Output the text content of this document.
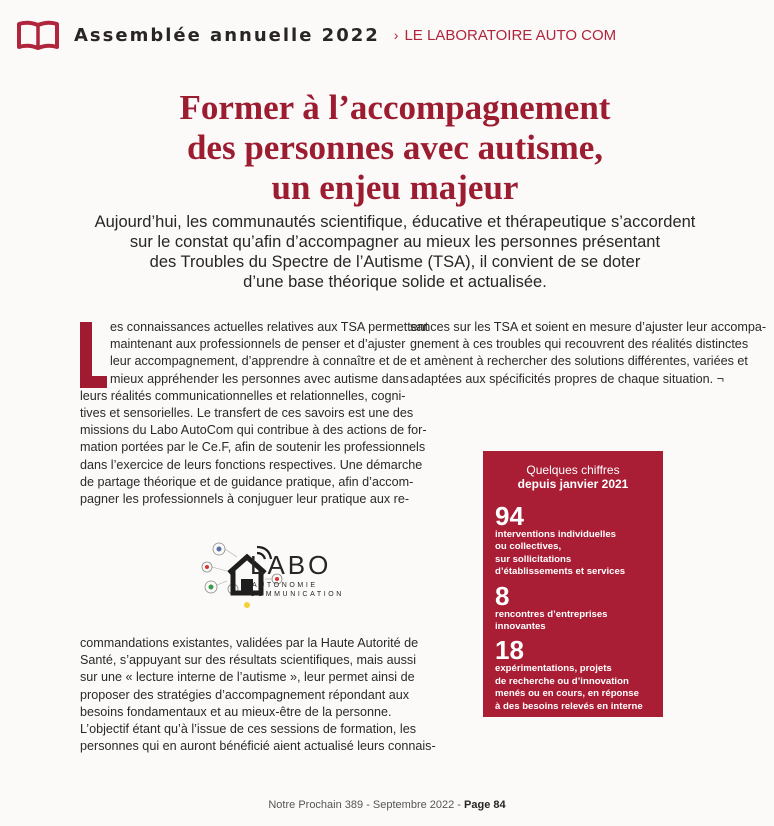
Assemblée annuelle 2022 › LE LABORATOIRE AUTO COM
Former à l’accompagnement
des personnes avec autisme,
un enjeu majeur
Aujourd’hui, les communautés scientifique, éducative et thérapeutique s’accordent
sur le constat qu’afin d’accompagner au mieux les personnes présentant
des Troubles du Spectre de l’Autisme (TSA), il convient de se doter
d’une base théorique solide et actualisée.
es connaissances actuelles relatives aux TSA permettent
maintenant aux professionnels de penser et d’ajuster
leur accompagnement, d’apprendre à connaître et de
mieux appréhender les personnes avec autisme dans
leurs réalités communicationnelles et relationnelles, cogni-
tives et sensorielles. Le transfert de ces savoirs est une des
missions du Labo AutoCom qui contribue à des actions de for-
mation portées par le Ce.F, afin de soutenir les professionnels
dans l’exercice de leurs fonctions respectives. Une démarche
de partage théorique et de guidance pratique, afin d’accom-
pagner les professionnels à conjuguer leur pratique aux re-
sances sur les TSA et soient en mesure d’ajuster leur accompa-
gnement à ces troubles qui recouvrent des réalités distinctes
et amènent à rechercher des solutions différentes, variées et
adaptées aux spécificités propres de chaque situation. ¬
LABO
AUTONOMIE
COMMUNICATION
commandations existantes, validées par la Haute Autorité de
Santé, s’appuyant sur des résultats scientifiques, mais aussi
sur une « lecture interne de l’autisme », leur permet ainsi de
proposer des stratégies d’accompagnement répondant aux
besoins fondamentaux et au mieux-être de la personne.
L’objectif étant qu’à l’issue de ces sessions de formation, les
personnes qui en auront bénéficié aient actualisé leurs connais-
Quelques chiffres
depuis janvier 2021
94
interventions individuelles
ou collectives,
sur sollicitations
d’établissements et services
8
rencontres d’entreprises
innovantes
18
expérimentations, projets
de recherche ou d’innovation
menés ou en cours, en réponse
à des besoins relevés en interne
Notre Prochain 389 - Septembre 2022 - Page 84
